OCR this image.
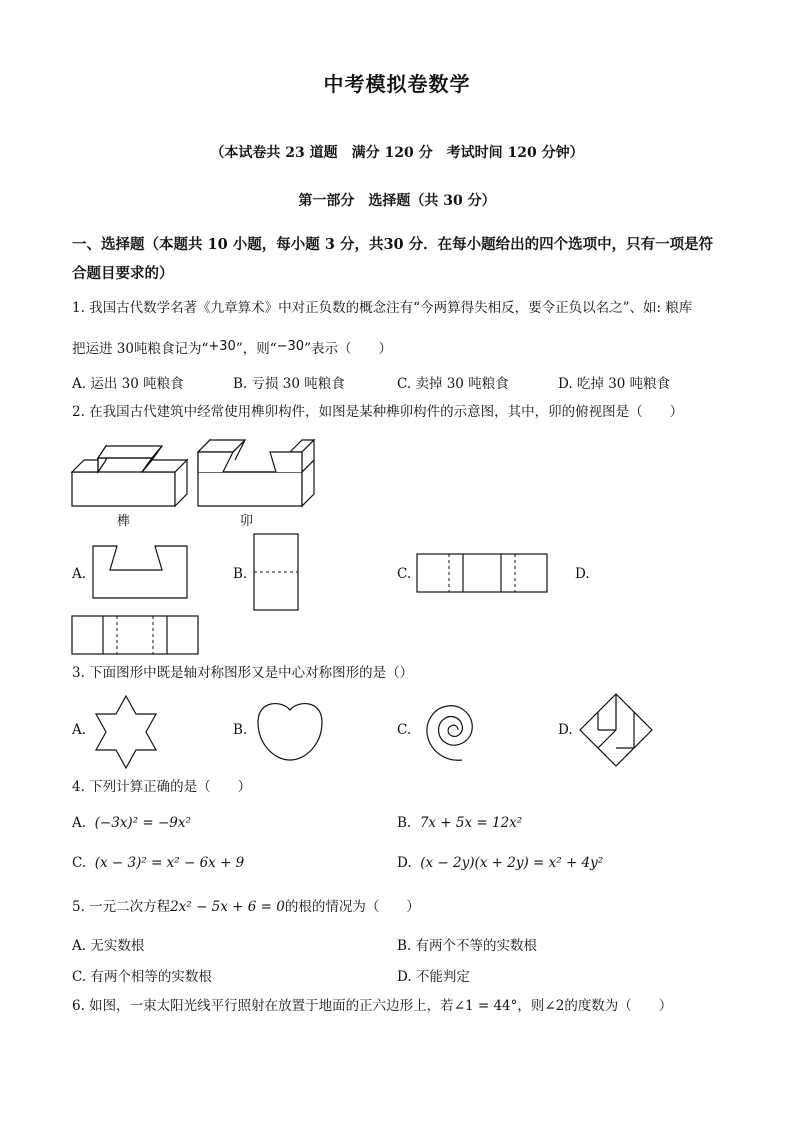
中考模拟卷数学
（本试卷共 23 道题　满分 120 分　考试时间 120 分钟）
第一部分　选择题（共 30 分）
一、选择题（本题共 10 小题，每小题 3 分，共30 分．在每小题给出的四个选项中，只有一项是符合题目要求的）
1. 我国古代数学名著《九章算术》中对正负数的概念注有“今两算得失相反，要令正负以名之”、如: 粮库
把运进 30吨粮食记为“+30”，则“−30”表示（　　）
A. 运出 30 吨粮食	B. 亏损 30 吨粮食	C. 卖掉 30 吨粮食	D. 吃掉 30 吨粮食
2. 在我国古代建筑中经常使用榫卯构件，如图是某种榫卯构件的示意图，其中，卯的俯视图是（　　）
榫	卯
A.	B.	C.	D.
3. 下面图形中既是轴对称图形又是中心对称图形的是（）
A.	B.	C.	D.
4. 下列计算正确的是（　　）
A. (−3x)² = −9x²	B. 7x + 5x = 12x²
C. (x − 3)² = x² − 6x + 9	D. (x − 2y)(x + 2y) = x² + 4y²
5. 一元二次方程2x² − 5x + 6 = 0的根的情况为（　　）
A. 无实数根	B. 有两个不等的实数根
C. 有两个相等的实数根	D. 不能判定
6. 如图，一束太阳光线平行照射在放置于地面的正六边形上，若∠1 = 44°，则∠2的度数为（　　）
